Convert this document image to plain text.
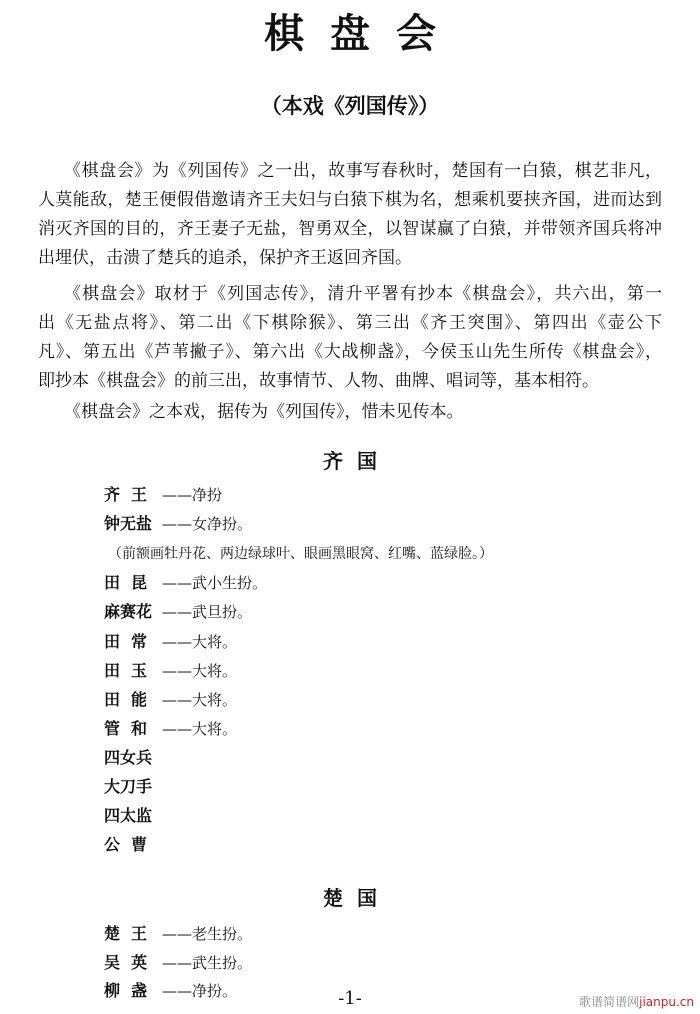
棋盘会
（本戏《列国传》）
《棋盘会》为《列国传》之一出，故事写春秋时，楚国有一白猿，棋艺非凡，
人莫能敌，楚王便假借邀请齐王夫妇与白猿下棋为名，想乘机要挟齐国，进而达到
消灭齐国的目的，齐王妻子无盐，智勇双全，以智谋赢了白猿，并带领齐国兵将冲
出埋伏，击溃了楚兵的追杀，保护齐王返回齐国。
《棋盘会》取材于《列国志传》，清升平署有抄本《棋盘会》，共六出，第一
出《无盐点将》、第二出《下棋除猴》、第三出《齐王突围》、第四出《壶公下
凡》、第五出《芦苇撇子》、第六出《大战柳盏》，今侯玉山先生所传《棋盘会》，
即抄本《棋盘会》的前三出，故事情节、人物、曲牌、唱词等，基本相符。
《棋盘会》之本戏，据传为《列国传》，惜未见传本。
齐国
齐王 ——净扮
钟无盐 ——女净扮。
（前额画牡丹花、两边绿球叶、眼画黑眼窝、红嘴、蓝绿脸。）
田昆 ——武小生扮。
麻赛花 ——武旦扮。
田常 ——大将。
田玉 ——大将。
田能 ——大将。
管和 ——大将。
四女兵
大刀手
四太监
公曹
楚国
楚王 ——老生扮。
吴英 ——武生扮。
柳盏 ——净扮。	-1-	歌谱简谱网jianpu.cn
